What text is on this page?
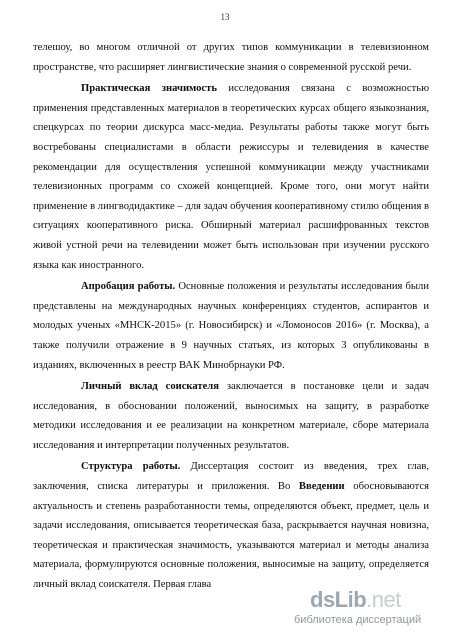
13

телешоу, во многом отличной от других типов коммуникации в телевизионном пространстве, что расширяет лингвистические знания о современной русской речи.

Практическая значимость исследования связана с возможностью применения представленных материалов в теоретических курсах общего языкознания, спецкурсах по теории дискурса масс-медиа. Результаты работы также могут быть востребованы специалистами в области режиссуры и телевидения в качестве рекомендации для осуществления успешной коммуникации между участниками телевизионных программ со схожей концепцией. Кроме того, они могут найти применение в лингводидактике – для задач обучения кооперативному стилю общения в ситуациях кооперативного риска. Обширный материал расшифрованных текстов живой устной речи на телевидении может быть использован при изучении русского языка как иностранного.

Апробация работы. Основные положения и результаты исследования были представлены на международных научных конференциях студентов, аспирантов и молодых ученых «МНСК-2015» (г. Новосибирск) и «Ломоносов 2016» (г. Москва), а также получили отражение в 9 научных статьях, из которых 3 опубликованы в изданиях, включенных в реестр ВАК Минобрнауки РФ.

Личный вклад соискателя заключается в постановке цели и задач исследования, в обосновании положений, выносимых на защиту, в разработке методики исследования и ее реализации на конкретном материале, сборе материала исследования и интерпретации полученных результатов.

Структура работы. Диссертация состоит из введения, трех глав, заключения, списка литературы и приложения. Во Введении обосновываются актуальность и степень разработанности темы, определяются объект, предмет, цель и задачи исследования, описывается теоретическая база, раскрывается научная новизна, теоретическая и практическая значимость, указываются материал и методы анализа материала, формулируются основные положения, выносимые на защиту, определяется личный вклад соискателя. Первая глава

dsLib.net
библиотека диссертаций
